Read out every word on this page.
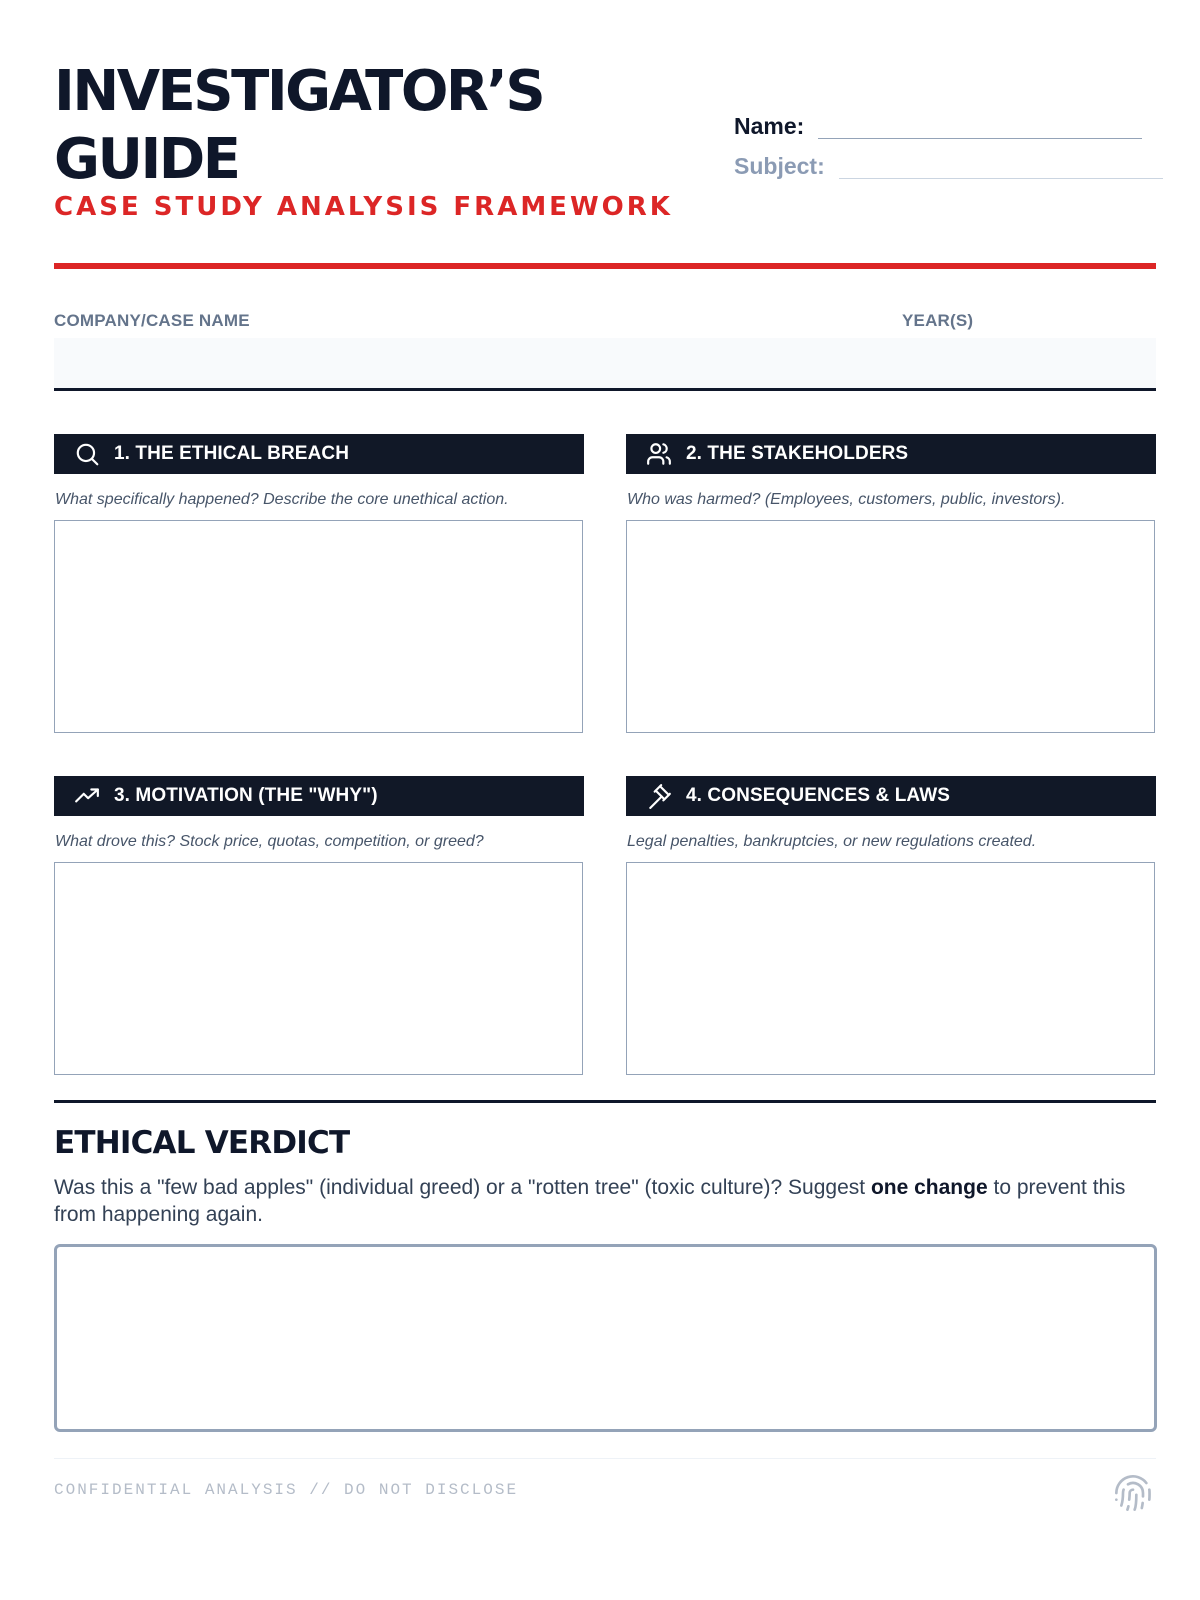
INVESTIGATOR’S
GUIDE
CASE STUDY ANALYSIS FRAMEWORK
Name:
Subject:
COMPANY/CASE NAME	YEAR(S)
1. THE ETHICAL BREACH
What specifically happened? Describe the core unethical action.
2. THE STAKEHOLDERS
Who was harmed? (Employees, customers, public, investors).
3. MOTIVATION (THE "WHY")
What drove this? Stock price, quotas, competition, or greed?
4. CONSEQUENCES & LAWS
Legal penalties, bankruptcies, or new regulations created.
ETHICAL VERDICT

Was this a "few bad apples" (individual greed) or a "rotten tree" (toxic culture)? Suggest one change to prevent this from happening again.

CONFIDENTIAL ANALYSIS // DO NOT DISCLOSE
